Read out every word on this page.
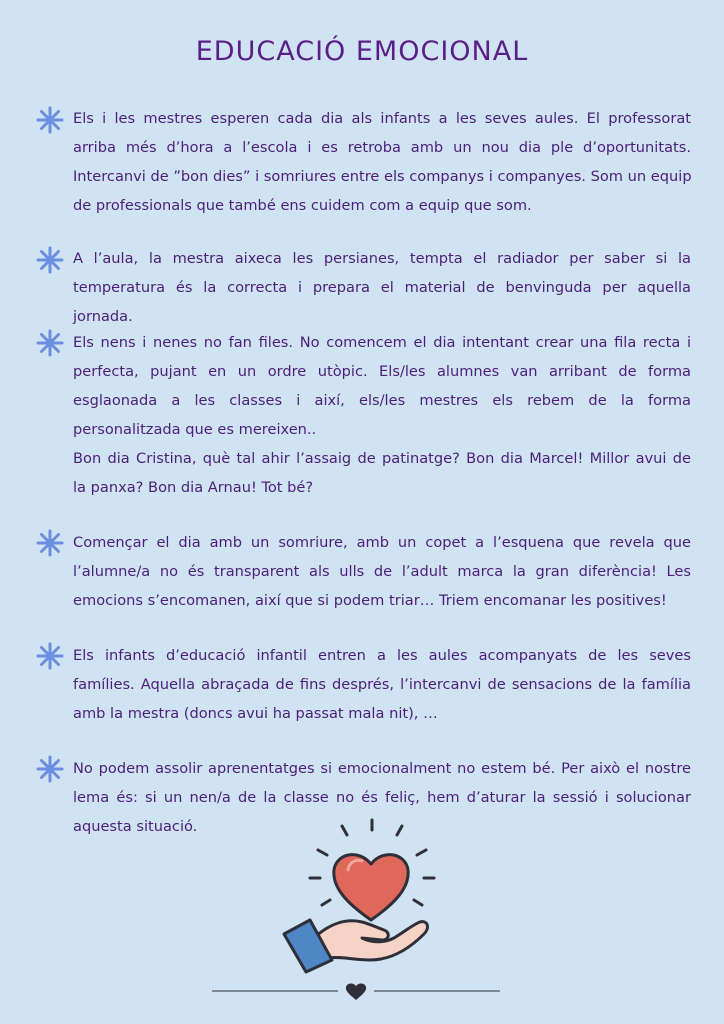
EDUCACIÓ EMOCIONAL
Els i les mestres esperen cada dia als infants a les seves aules. El professorat
arriba més d’hora a l’escola i es retroba amb un nou dia ple d’oportunitats.
Intercanvi de ”bon dies” i somriures entre els companys i companyes. Som un equip
de professionals que també ens cuidem com a equip que som.
A l’aula, la mestra aixeca les persianes, tempta el radiador per saber si la
temperatura és la correcta i prepara el material de benvinguda per aquella
jornada.
Els nens i nenes no fan files. No comencem el dia intentant crear una fila recta i
perfecta, pujant en un ordre utòpic. Els/les alumnes van arribant de forma
esglaonada a les classes i així, els/les mestres els rebem de la forma
personalitzada que es mereixen..
Bon dia Cristina, què tal ahir l’assaig de patinatge? Bon dia Marcel! Millor avui de
la panxa? Bon dia Arnau! Tot bé?
Començar el dia amb un somriure, amb un copet a l’esquena que revela que
l’alumne/a no és transparent als ulls de l’adult marca la gran diferència! Les
emocions s’encomanen, així que si podem triar… Triem encomanar les positives!
Els infants d’educació infantil entren a les aules acompanyats de les seves
famílies. Aquella abraçada de fins després, l’intercanvi de sensacions de la família
amb la mestra (doncs avui ha passat mala nit), …
No podem assolir aprenentatges si emocionalment no estem bé. Per això el nostre
lema és: si un nen/a de la classe no és feliç, hem d’aturar la sessió i solucionar
aquesta situació.
